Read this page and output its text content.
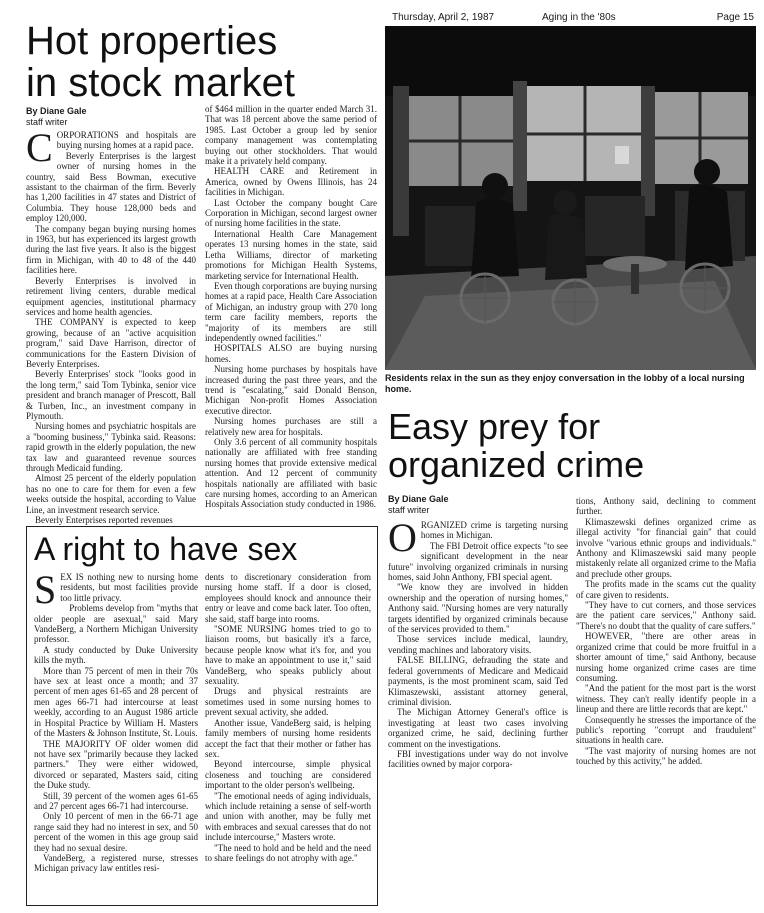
Thursday, April 2, 1987	Aging in the '80s	Page 15
Hot properties
in stock market
By Diane Gale
staff writer

CORPORATIONS and hospitals are buying nursing homes at a rapid pace.

Beverly Enterprises is the largest owner of nursing homes in the country, said Bess Bowman, executive assistant to the chairman of the firm. Beverly has 1,200 facilities in 47 states and District of Columbia. They house 128,000 beds and employ 120,000.

The company began buying nursing homes in 1963, but has experienced its largest growth during the last five years. It also is the biggest firm in Michigan, with 40 to 48 of the 440 facilities here.

Beverly Enterprises is involved in retirement living centers, durable medical equipment agencies, institutional pharmacy services and home health agencies.

THE COMPANY is expected to keep growing, because of an "active acquisition program," said Dave Harrison, director of communications for the Eastern Division of Beverly Enterprises.

Beverly Enterprises' stock "looks good in the long term," said Tom Tybinka, senior vice president and branch manager of Prescott, Ball & Turben, Inc., an investment company in Plymouth.

Nursing homes and psychiatric hospitals are a "booming business," Tybinka said. Reasons: rapid growth in the elderly population, the new tax law and guaranteed revenue sources through Medicaid funding.

Almost 25 percent of the elderly population has no one to care for them for even a few weeks outside the hospital, according to Value Line, an investment research service.

Beverly Enterprises reported revenues

of $464 million in the quarter ended March 31. That was 18 percent above the same period of 1985. Last October a group led by senior company management was contemplating buying out other stockholders. That would make it a privately held company.

HEALTH CARE and Retirement in America, owned by Owens Illinois, has 24 facilities in Michigan.

Last October the company bought Care Corporation in Michigan, second largest owner of nursing home facilities in the state.

International Health Care Management operates 13 nursing homes in the state, said Letha Williams, director of marketing promotions for Michigan Health Systems, marketing service for International Health.

Even though corporations are buying nursing homes at a rapid pace, Health Care Association of Michigan, an industry group with 270 long term care facility members, reports the "majority of its members are still independently owned facilities."

HOSPITALS ALSO are buying nursing homes.

Nursing home purchases by hospitals have increased during the past three years, and the trend is "escalating," said Donald Benson, Michigan Non-profit Homes Association executive director.

Nursing homes purchases are still a relatively new area for hospitals.

Only 3.6 percent of all community hospitals nationally are affiliated with free standing nursing homes that provide extensive medical attention. And 12 percent of community hospitals nationally are affiliated with basic care nursing homes, according to an American Hospitals Association study conducted in 1986.

Residents relax in the sun as they enjoy conversation in the lobby of a local nursing home.
Easy prey for
organized crime
By Diane Gale
staff writer

ORGANIZED crime is targeting nursing homes in Michigan.

The FBI Detroit office expects "to see significant development in the near future" involving organized criminals in nursing homes, said John Anthony, FBI special agent.

"We know they are involved in hidden ownership and the operation of nursing homes," Anthony said. "Nursing homes are very naturally targets identified by organized criminals because of the services provided to them."

Those services include medical, laundry, vending machines and laboratory visits.

FALSE BILLING, defrauding the state and federal governments of Medicare and Medicaid payments, is the most prominent scam, said Ted Klimaszewski, assistant attorney general, criminal division.

The Michigan Attorney General's office is investigating at least two cases involving organized crime, he said, declining further comment on the investigations.

FBI investigations under way do not involve facilities owned by major corpora-

tions, Anthony said, declining to comment further.

Klimaszewski defines organized crime as illegal activity "for financial gain" that could involve "various ethnic groups and individuals." Anthony and Klimaszewski said many people mistakenly relate all organized crime to the Mafia and preclude other groups.

The profits made in the scams cut the quality of care given to residents.

"They have to cut corners, and those services are the patient care services," Anthony said. "There's no doubt that the quality of care suffers."

HOWEVER, "there are other areas in organized crime that could be more fruitful in a shorter amount of time," said Anthony, because nursing home organized crime cases are time consuming.

"And the patient for the most part is the worst witness. They can't really identify people in a lineup and there are little records that are kept."

Consequently he stresses the importance of the public's reporting "corrupt and fraudulent" situations in health care.

"The vast majority of nursing homes are not touched by this activity," he added.

A right to have sex

SEX IS nothing new to nursing home residents, but most facilities provide too little privacy.

Problems develop from "myths that older people are asexual," said Mary VandeBerg, a Northern Michigan University professor.

A study conducted by Duke University kills the myth.

More than 75 percent of men in their 70s have sex at least once a month; and 37 percent of men ages 61-65 and 28 percent of men ages 66-71 had intercourse at least weekly, according to an August 1986 article in Hospital Practice by William H. Masters of the Masters & Johnson Institute, St. Louis.

THE MAJORITY OF older women did not have sex "primarily because they lacked partners." They were either widowed, divorced or separated, Masters said, citing the Duke study.

Still, 39 percent of the women ages 61-65 and 27 percent ages 66-71 had intercourse.

Only 10 percent of men in the 66-71 age range said they had no interest in sex, and 50 percent of the women in this age group said they had no sexual desire.

VandeBerg, a registered nurse, stresses Michigan privacy law entitles resi-

dents to discretionary consideration from nursing home staff. If a door is closed, employees should knock and announce their entry or leave and come back later. Too often, she said, staff barge into rooms.

"SOME NURSING homes tried to go to liaison rooms, but basically it's a farce, because people know what it's for, and you have to make an appointment to use it," said VandeBerg, who speaks publicly about sexuality.

Drugs and physical restraints are sometimes used in some nursing homes to prevent sexual activity, she added.

Another issue, VandeBerg said, is helping family members of nursing home residents accept the fact that their mother or father has sex.

Beyond intercourse, simple physical closeness and touching are considered important to the older person's wellbeing.

"The emotional needs of aging individuals, which include retaining a sense of self-worth and union with another, may be fully met with embraces and sexual caresses that do not include intercourse," Masters wrote.

"The need to hold and be held and the need to share feelings do not atrophy with age."
